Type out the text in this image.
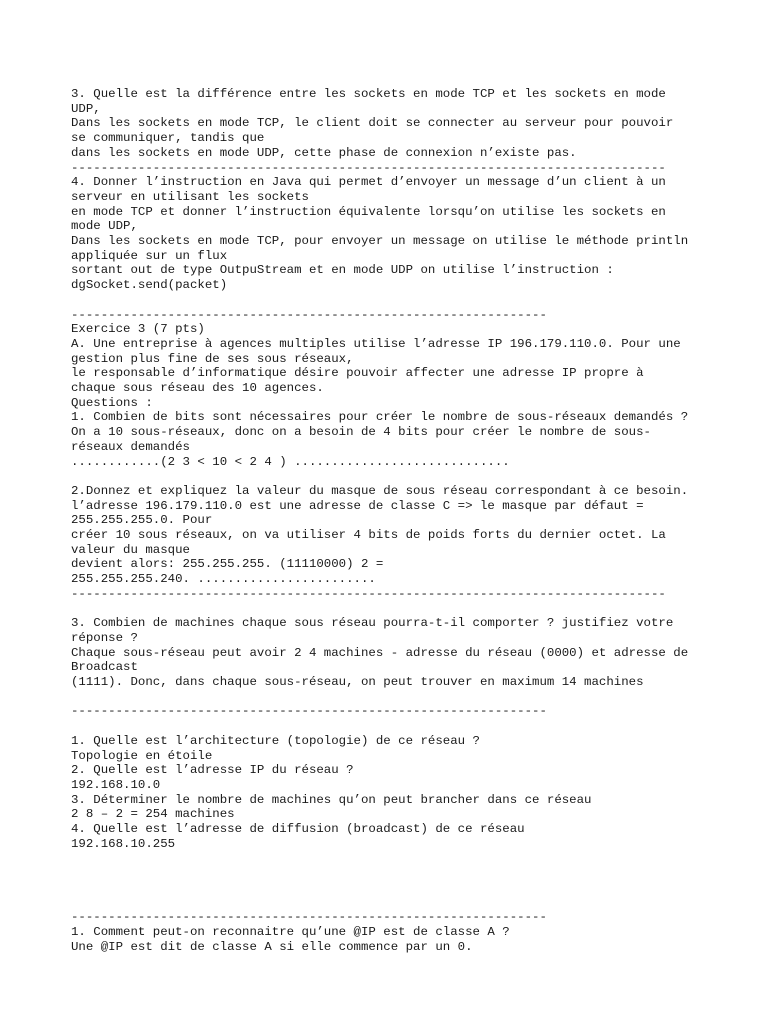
3. Quelle est la différence entre les sockets en mode TCP et les sockets en mode
UDP,
Dans les sockets en mode TCP, le client doit se connecter au serveur pour pouvoir
se communiquer, tandis que
dans les sockets en mode UDP, cette phase de connexion n’existe pas.
--------------------------------------------------------------------------------
4. Donner l’instruction en Java qui permet d’envoyer un message d’un client à un
serveur en utilisant les sockets
en mode TCP et donner l’instruction équivalente lorsqu’on utilise les sockets en
mode UDP,
Dans les sockets en mode TCP, pour envoyer un message on utilise le méthode println
appliquée sur un flux
sortant out de type OutpuStream et en mode UDP on utilise l’instruction :
dgSocket.send(packet)
----------------------------------------------------------------
Exercice 3 (7 pts)
A. Une entreprise à agences multiples utilise l’adresse IP 196.179.110.0. Pour une
gestion plus fine de ses sous réseaux,
le responsable d’informatique désire pouvoir affecter une adresse IP propre à
chaque sous réseau des 10 agences.
Questions :
1. Combien de bits sont nécessaires pour créer le nombre de sous-réseaux demandés ?
On a 10 sous-réseaux, donc on a besoin de 4 bits pour créer le nombre de sous-
réseaux demandés
............(2 3 < 10 < 2 4 ) .............................
2.Donnez et expliquez la valeur du masque de sous réseau correspondant à ce besoin.
l’adresse 196.179.110.0 est une adresse de classe C => le masque par défaut =
255.255.255.0. Pour
créer 10 sous réseaux, on va utiliser 4 bits de poids forts du dernier octet. La
valeur du masque
devient alors: 255.255.255. (11110000) 2 =
255.255.255.240. ........................
--------------------------------------------------------------------------------
3. Combien de machines chaque sous réseau pourra-t-il comporter ? justifiez votre
réponse ?
Chaque sous-réseau peut avoir 2 4 machines - adresse du réseau (0000) et adresse de
Broadcast
(1111). Donc, dans chaque sous-réseau, on peut trouver en maximum 14 machines
----------------------------------------------------------------
1. Quelle est l’architecture (topologie) de ce réseau ?
Topologie en étoile
2. Quelle est l’adresse IP du réseau ?
192.168.10.0
3. Déterminer le nombre de machines qu’on peut brancher dans ce réseau
2 8 – 2 = 254 machines
4. Quelle est l’adresse de diffusion (broadcast) de ce réseau
192.168.10.255
----------------------------------------------------------------
1. Comment peut-on reconnaitre qu’une @IP est de classe A ?
Une @IP est dit de classe A si elle commence par un 0.
